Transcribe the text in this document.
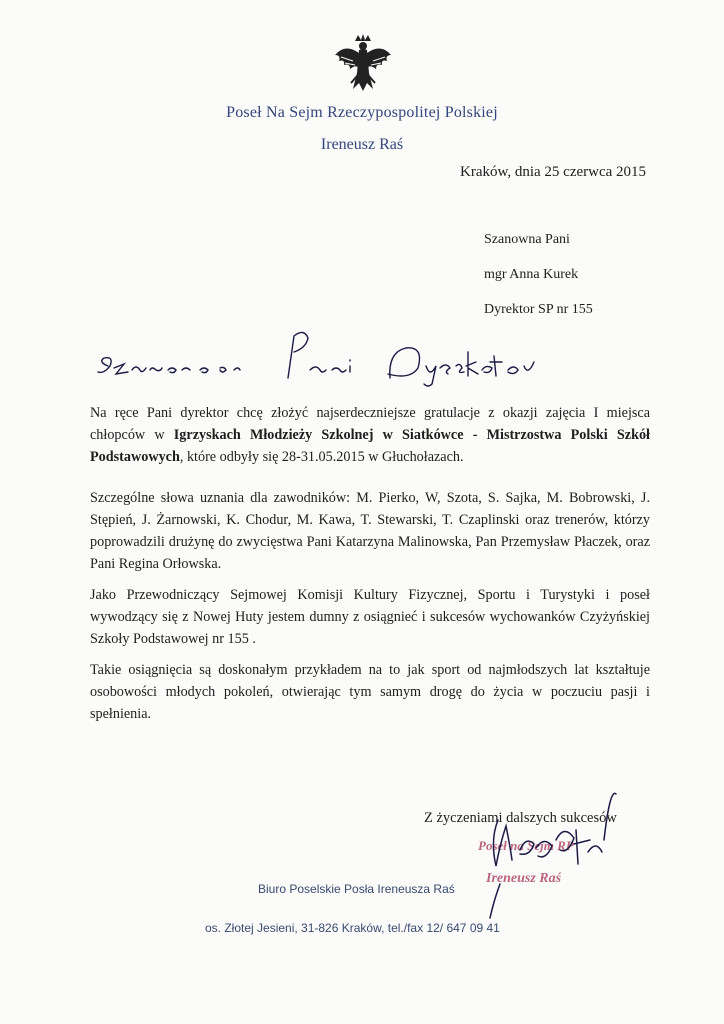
Poseł Na Sejm Rzeczypospolitej Polskiej
Ireneusz Raś
Kraków, dnia 25 czerwca 2015
Szanowna Pani
mgr Anna Kurek
Dyrektor SP nr 155
Na ręce Pani dyrektor chcę złożyć najserdeczniejsze gratulacje z okazji zajęcia I miejsca chłopców w Igrzyskach Młodzieży Szkolnej w Siatkówce - Mistrzostwa Polski Szkół Podstawowych, które odbyły się 28-31.05.2015 w Głuchołazach.
Szczególne słowa uznania dla zawodników: M. Pierko, W, Szota, S. Sajka, M. Bobrowski, J. Stępień, J. Żarnowski, K. Chodur, M. Kawa, T. Stewarski, T. Czaplinski oraz trenerów, którzy poprowadzili drużynę do zwycięstwa Pani Katarzyna Malinowska, Pan Przemysław Płaczek, oraz Pani Regina Orłowska.
Jako Przewodniczący Sejmowej Komisji Kultury Fizycznej, Sportu i Turystyki i poseł wywodzący się z Nowej Huty jestem dumny z osiągnieć i sukcesów wychowanków Czyżyńskiej Szkoły Podstawowej nr 155 .
Takie osiągnięcia są doskonałym przykładem na to jak sport od najmłodszych lat kształtuje osobowości młodych pokoleń, otwierając tym samym drogę do życia w poczuciu pasji i spełnienia.
Z życzeniami dalszych sukcesów
Poseł na Sejm RP
Ireneusz Raś
Biuro Poselskie Posła Ireneusza Raś
os. Złotej Jesieni, 31-826 Kraków, tel./fax 12/ 647 09 41
